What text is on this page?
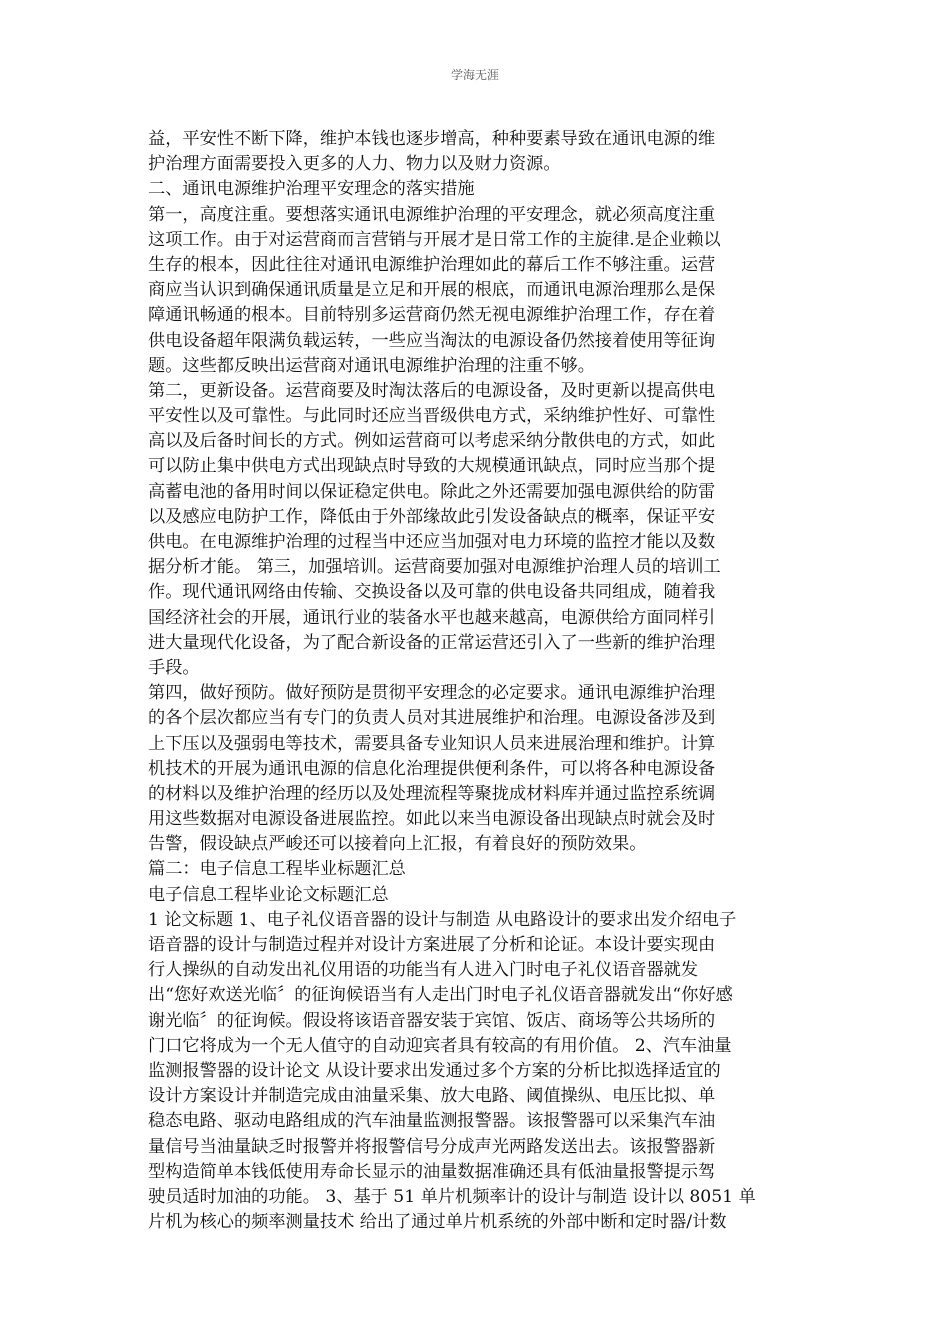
学海无涯
益，平安性不断下降，维护本钱也逐步增高，种种要素导致在通讯电源的维
护治理方面需要投入更多的人力、物力以及财力资源。
二、通讯电源维护治理平安理念的落实措施
第一，高度注重。要想落实通讯电源维护治理的平安理念，就必须高度注重
这项工作。由于对运营商而言营销与开展才是日常工作的主旋律.是企业赖以
生存的根本，因此往往对通讯电源维护治理如此的幕后工作不够注重。运营
商应当认识到确保通讯质量是立足和开展的根底，而通讯电源治理那么是保
障通讯畅通的根本。目前特别多运营商仍然无视电源维护治理工作，存在着
供电设备超年限满负载运转，一些应当淘汰的电源设备仍然接着使用等征询
题。这些都反映出运营商对通讯电源维护治理的注重不够。
第二，更新设备。运营商要及时淘汰落后的电源设备，及时更新以提高供电
平安性以及可靠性。与此同时还应当晋级供电方式，采纳维护性好、可靠性
高以及后备时间长的方式。例如运营商可以考虑采纳分散供电的方式，如此
可以防止集中供电方式出现缺点时导致的大规模通讯缺点，同时应当那个提
高蓄电池的备用时间以保证稳定供电。除此之外还需要加强电源供给的防雷
以及感应电防护工作，降低由于外部缘故此引发设备缺点的概率，保证平安
供电。在电源维护治理的过程当中还应当加强对电力环境的监控才能以及数
据分析才能。 第三，加强培训。运营商要加强对电源维护治理人员的培训工
作。现代通讯网络由传输、交换设备以及可靠的供电设备共同组成，随着我
国经济社会的开展，通讯行业的装备水平也越来越高，电源供给方面同样引
进大量现代化设备，为了配合新设备的正常运营还引入了一些新的维护治理
手段。
第四，做好预防。做好预防是贯彻平安理念的必定要求。通讯电源维护治理
的各个层次都应当有专门的负责人员对其进展维护和治理。电源设备涉及到
上下压以及强弱电等技术，需要具备专业知识人员来进展治理和维护。计算
机技术的开展为通讯电源的信息化治理提供便利条件，可以将各种电源设备
的材料以及维护治理的经历以及处理流程等聚拢成材料库并通过监控系统调
用这些数据对电源设备进展监控。如此以来当电源设备出现缺点时就会及时
告警，假设缺点严峻还可以接着向上汇报，有着良好的预防效果。
篇二：电子信息工程毕业标题汇总
电子信息工程毕业论文标题汇总
1 论文标题 1、电子礼仪语音器的设计与制造 从电路设计的要求出发介绍电子
语音器的设计与制造过程并对设计方案进展了分析和论证。本设计要实现由
行人操纵的自动发出礼仪用语的功能当有人进入门时电子礼仪语音器就发
出“您好欢送光临〞的征询候语当有人走出门时电子礼仪语音器就发出“你好感
谢光临〞的征询候。假设将该语音器安装于宾馆、饭店、商场等公共场所的
门口它将成为一个无人值守的自动迎宾者具有较高的有用价值。 2、汽车油量
监测报警器的设计论文 从设计要求出发通过多个方案的分析比拟选择适宜的
设计方案设计并制造完成由油量采集、放大电路、阈值操纵、电压比拟、单
稳态电路、驱动电路组成的汽车油量监测报警器。该报警器可以采集汽车油
量信号当油量缺乏时报警并将报警信号分成声光两路发送出去。该报警器新
型构造简单本钱低使用寿命长显示的油量数据准确还具有低油量报警提示驾
驶员适时加油的功能。 3、基于 51 单片机频率计的设计与制造 设计以 8051 单
片机为核心的频率测量技术 给出了通过单片机系统的外部中断和定时器/计数
